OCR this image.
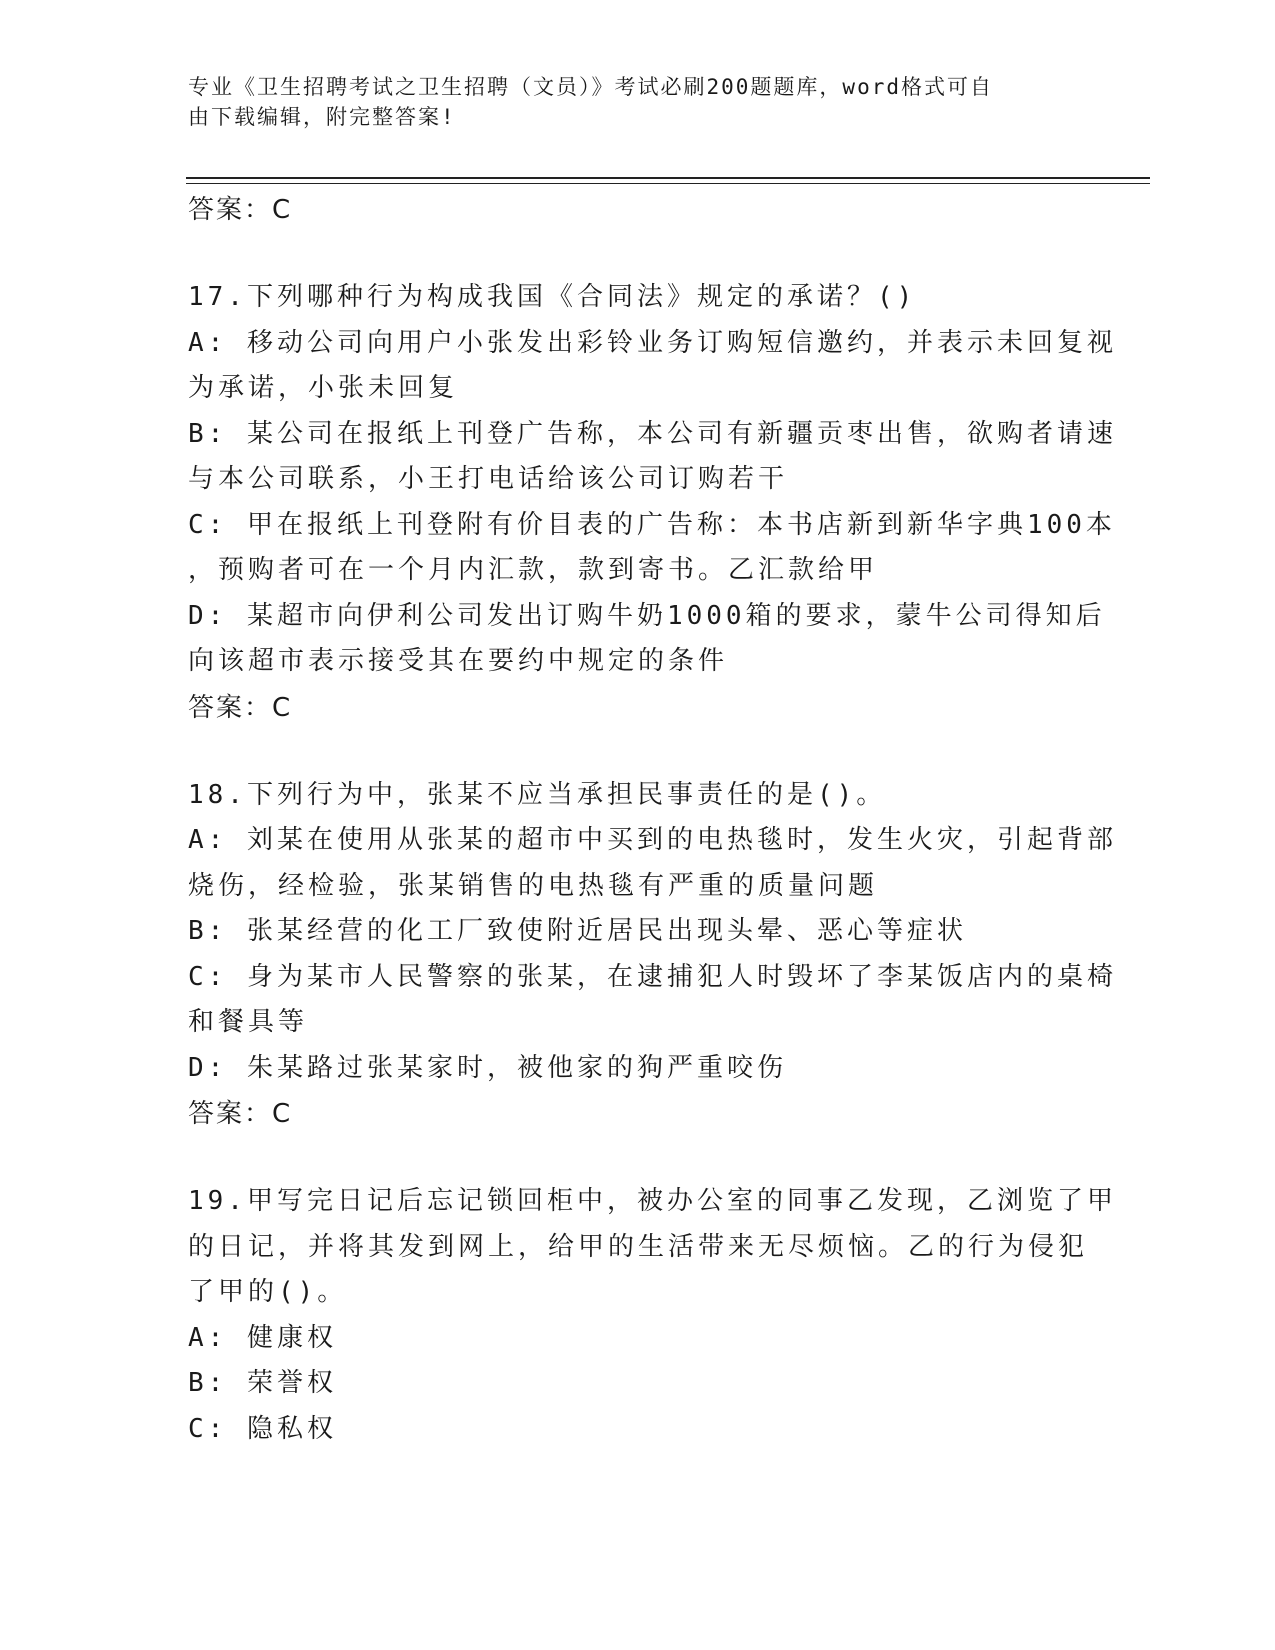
专业《卫生招聘考试之卫生招聘（文员）》考试必刷200题题库，word格式可自
由下载编辑，附完整答案!
答案：C
17.下列哪种行为构成我国《合同法》规定的承诺？()
A: 移动公司向用户小张发出彩铃业务订购短信邀约，并表示未回复视
为承诺，小张未回复
B: 某公司在报纸上刊登广告称，本公司有新疆贡枣出售，欲购者请速
与本公司联系，小王打电话给该公司订购若干
C: 甲在报纸上刊登附有价目表的广告称：本书店新到新华字典100本
，预购者可在一个月内汇款，款到寄书。乙汇款给甲
D: 某超市向伊利公司发出订购牛奶1000箱的要求，蒙牛公司得知后
向该超市表示接受其在要约中规定的条件
答案：C
18.下列行为中，张某不应当承担民事责任的是()。
A: 刘某在使用从张某的超市中买到的电热毯时，发生火灾，引起背部
烧伤，经检验，张某销售的电热毯有严重的质量问题
B: 张某经营的化工厂致使附近居民出现头晕、恶心等症状
C: 身为某市人民警察的张某，在逮捕犯人时毁坏了李某饭店内的桌椅
和餐具等
D: 朱某路过张某家时，被他家的狗严重咬伤
答案：C
19.甲写完日记后忘记锁回柜中，被办公室的同事乙发现，乙浏览了甲
的日记，并将其发到网上，给甲的生活带来无尽烦恼。乙的行为侵犯
了甲的()。
A: 健康权
B: 荣誉权
C: 隐私权
